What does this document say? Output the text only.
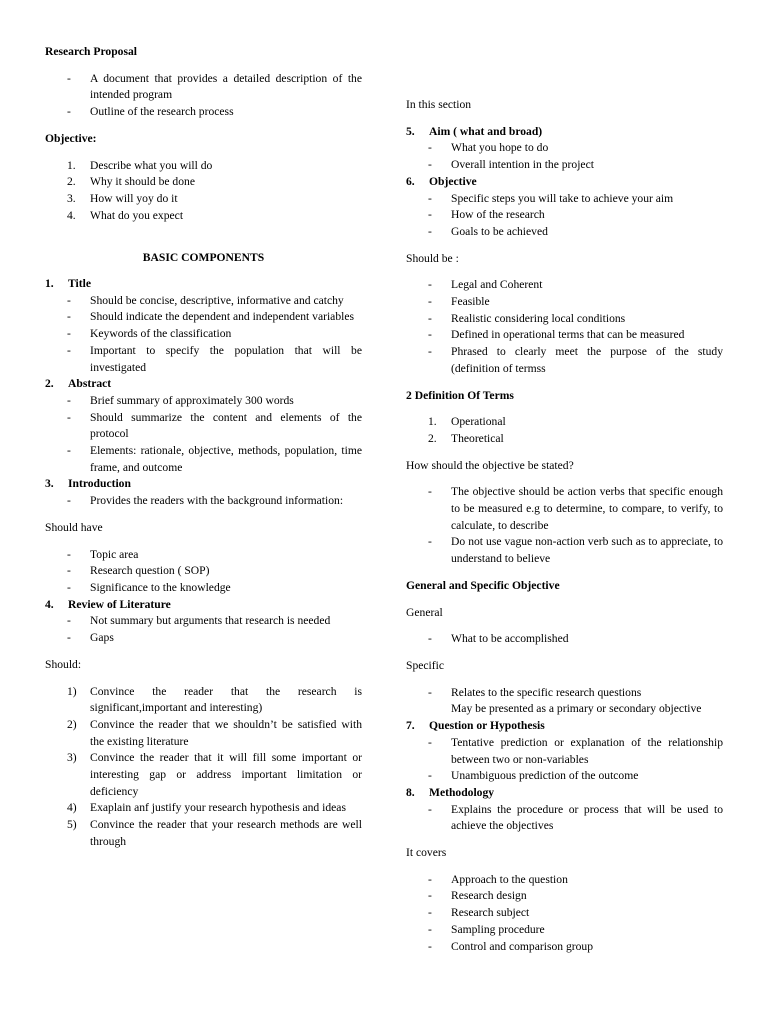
Research Proposal

-	A document that provides a detailed description of the intended program
-	Outline of the research process

Objective:

1.	Describe what you will do
2.	Why it should be done
3.	How will yoy do it
4.	What do you expect

BASIC COMPONENTS

1.	Title
-	Should be concise, descriptive, informative and catchy
-	Should indicate the dependent and independent variables
-	Keywords of the classification
-	Important to specify the population that will be investigated
2.	Abstract
-	Brief summary of approximately 300 words
-	Should summarize the content and elements of the protocol
-	Elements: rationale, objective, methods, population, time frame, and outcome
3.	Introduction
-	Provides the readers with the background information:

Should have

-	Topic area
-	Research question ( SOP)
-	Significance to the knowledge
4.	Review of Literature
-	Not summary but arguments that research is needed
-	Gaps

Should:

1)	Convince the reader that the research is significant,important and interesting)
2)	Convince the reader that we shouldn’t be satisfied with the existing literature
3)	Convince the reader that it will fill some important or interesting gap or address important limitation or deficiency
4)	Exaplain anf justify your research hypothesis and ideas
5)	Convince the reader that your research methods are well through

In this section

5.	Aim ( what and broad)
-	What you hope to do
-	Overall intention in the project
6.	Objective
-	Specific steps you will take to achieve your aim
-	How of the research
-	Goals to be achieved

Should be :

-	Legal and Coherent
-	Feasible
-	Realistic considering local conditions
-	Defined in operational terms that can be measured
-	Phrased to clearly meet the purpose of the study (definition of termss

2 Definition Of Terms

1.	Operational
2.	Theoretical

How should the objective be stated?

-	The objective should be action verbs that specific enough to be measured e.g to determine, to compare, to verify, to calculate, to describe
-	Do not use vague non-action verb such as to appreciate, to understand to believe

General and Specific Objective

General

-	What to be accomplished

Specific

-	Relates to the specific research questions
May be presented as a primary or secondary objective
7.	Question or Hypothesis
-	Tentative prediction or explanation of the relationship between two or non-variables
-	Unambiguous prediction of the outcome
8.	Methodology
-	Explains the procedure or process that will be used to achieve the objectives

It covers

-	Approach to the question
-	Research design
-	Research subject
-	Sampling procedure
-	Control and comparison group
